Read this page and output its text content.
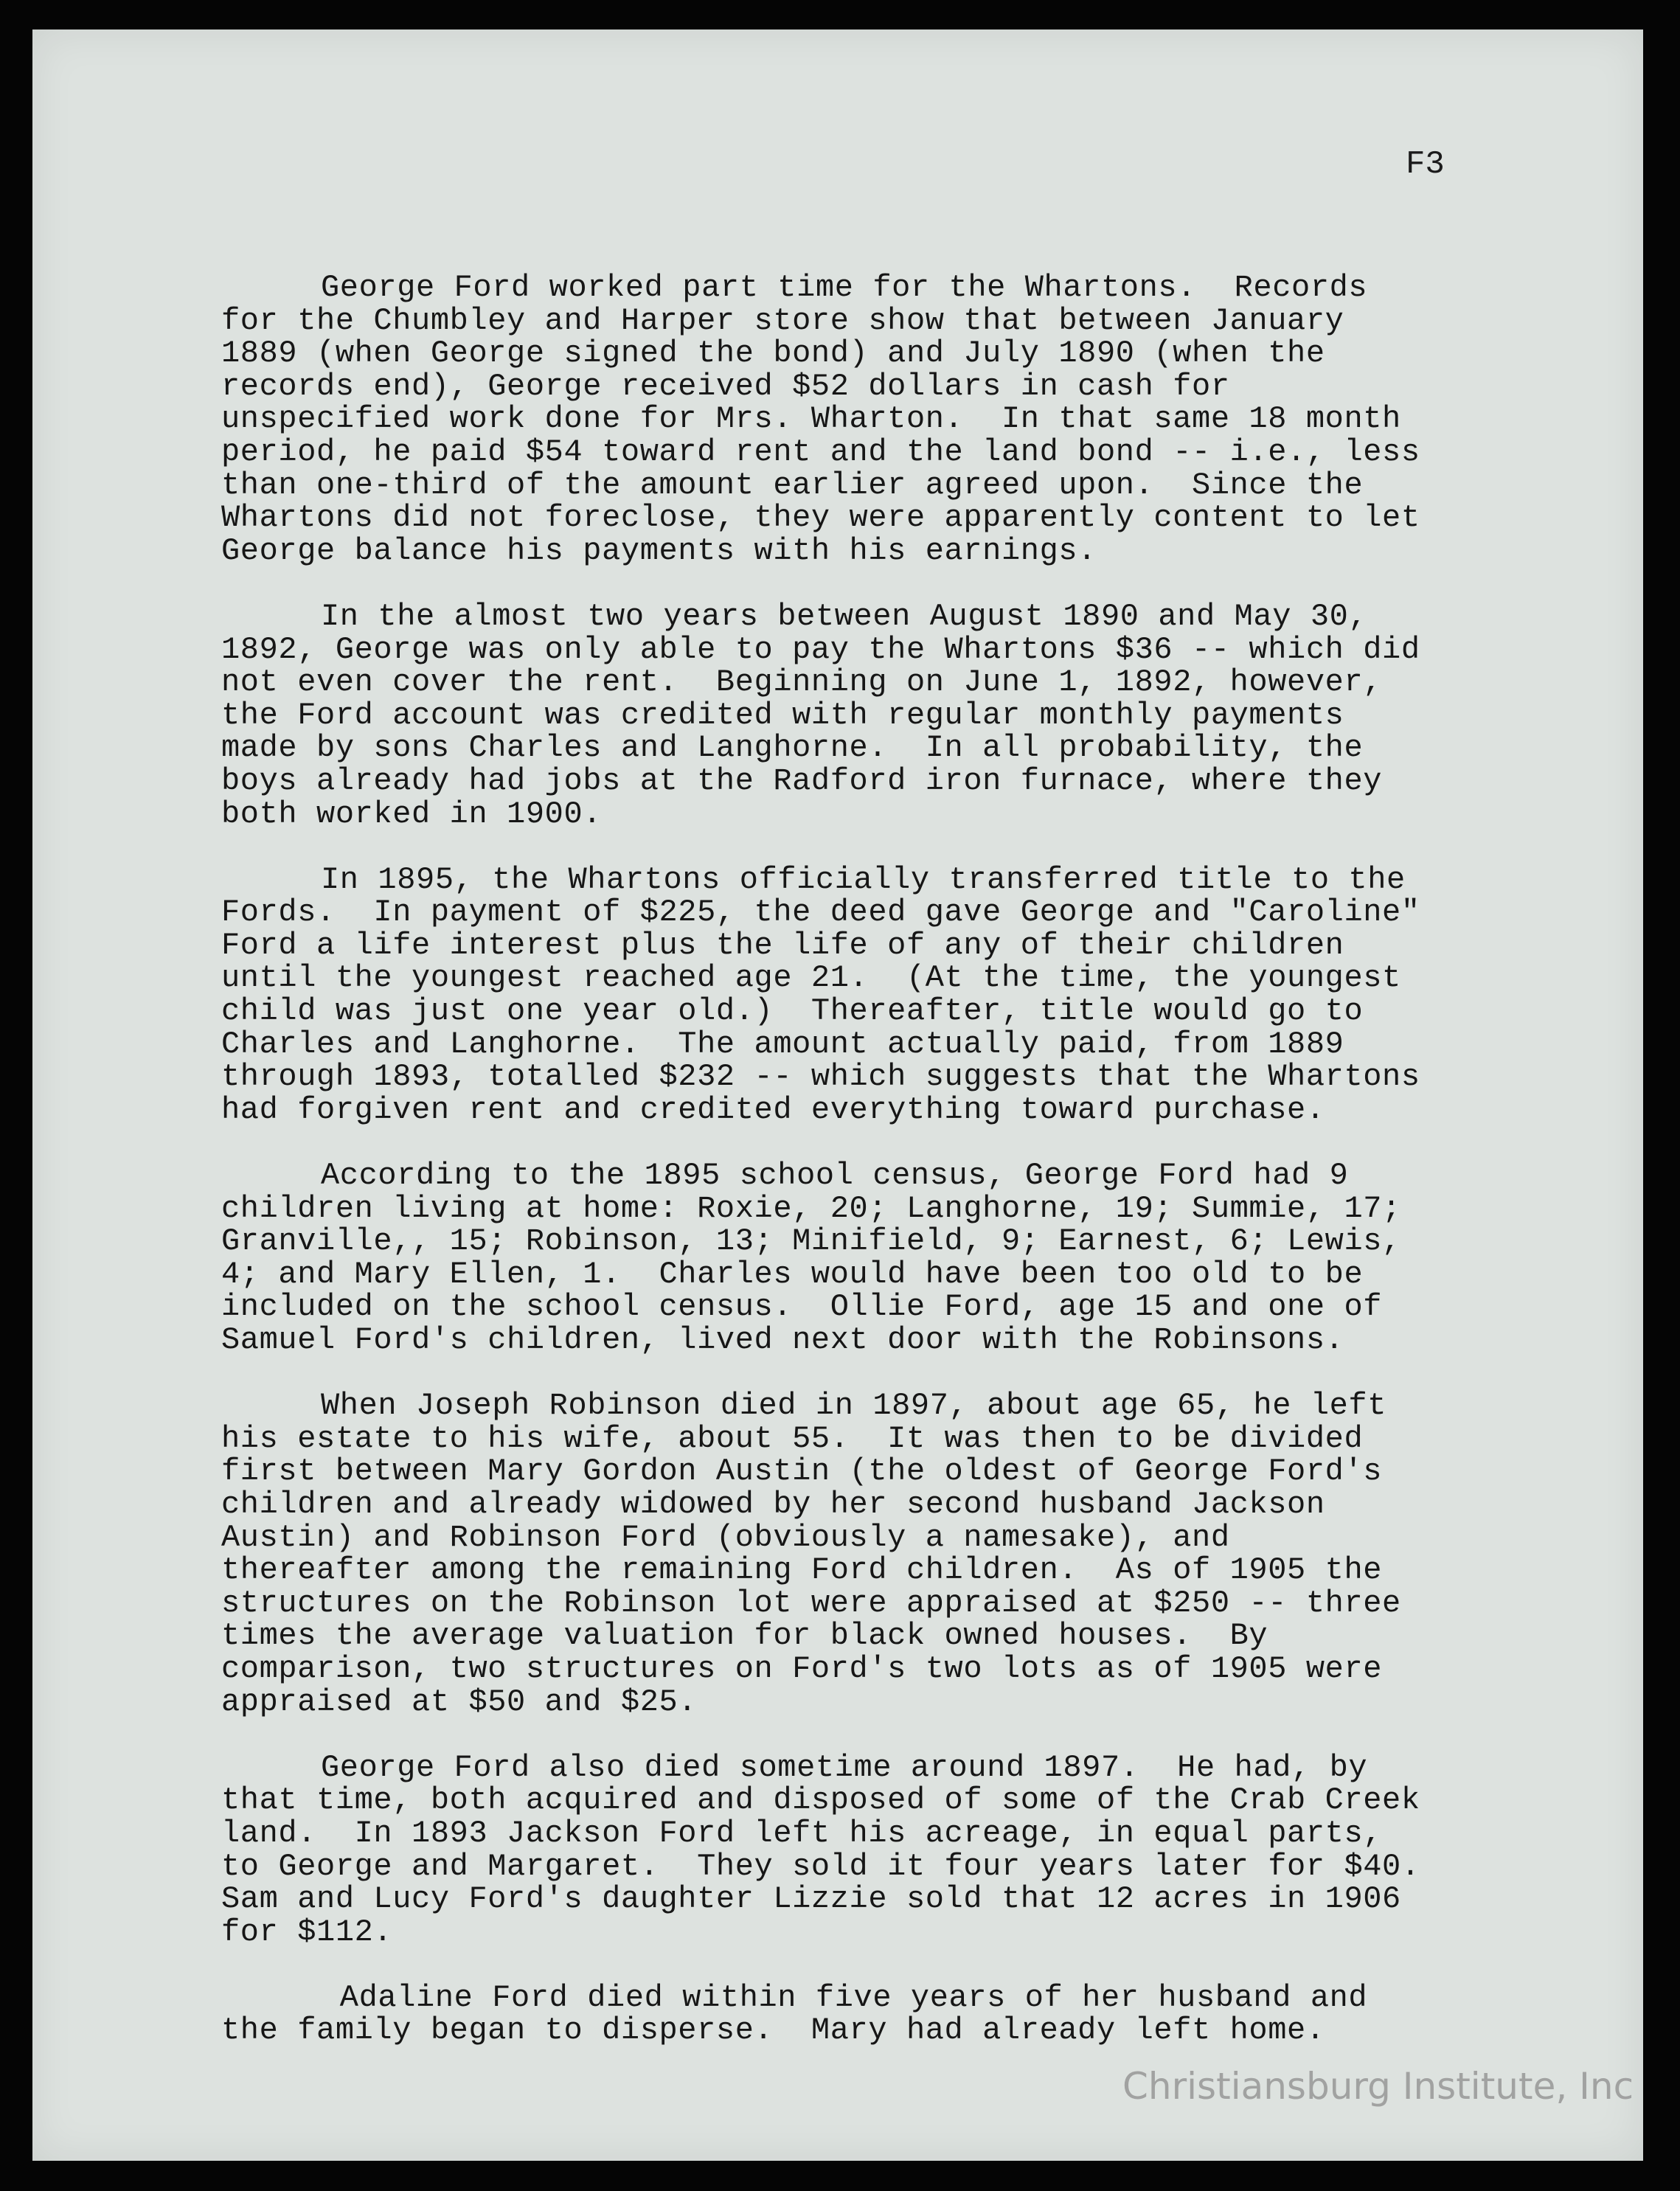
F3
George Ford worked part time for the Whartons.  Records
for the Chumbley and Harper store show that between January
1889 (when George signed the bond) and July 1890 (when the
records end), George received $52 dollars in cash for
unspecified work done for Mrs. Wharton.  In that same 18 month
period, he paid $54 toward rent and the land bond -- i.e., less
than one-third of the amount earlier agreed upon.  Since the
Whartons did not foreclose, they were apparently content to let
George balance his payments with his earnings.
In the almost two years between August 1890 and May 30,
1892, George was only able to pay the Whartons $36 -- which did
not even cover the rent.  Beginning on June 1, 1892, however,
the Ford account was credited with regular monthly payments
made by sons Charles and Langhorne.  In all probability, the
boys already had jobs at the Radford iron furnace, where they
both worked in 1900.
In 1895, the Whartons officially transferred title to the
Fords.  In payment of $225, the deed gave George and "Caroline"
Ford a life interest plus the life of any of their children
until the youngest reached age 21.  (At the time, the youngest
child was just one year old.)  Thereafter, title would go to
Charles and Langhorne.  The amount actually paid, from 1889
through 1893, totalled $232 -- which suggests that the Whartons
had forgiven rent and credited everything toward purchase.
According to the 1895 school census, George Ford had 9
children living at home: Roxie, 20; Langhorne, 19; Summie, 17;
Granville,, 15; Robinson, 13; Minifield, 9; Earnest, 6; Lewis,
4; and Mary Ellen, 1.  Charles would have been too old to be
included on the school census.  Ollie Ford, age 15 and one of
Samuel Ford's children, lived next door with the Robinsons.
When Joseph Robinson died in 1897, about age 65, he left
his estate to his wife, about 55.  It was then to be divided
first between Mary Gordon Austin (the oldest of George Ford's
children and already widowed by her second husband Jackson
Austin) and Robinson Ford (obviously a namesake), and
thereafter among the remaining Ford children.  As of 1905 the
structures on the Robinson lot were appraised at $250 -- three
times the average valuation for black owned houses.  By
comparison, two structures on Ford's two lots as of 1905 were
appraised at $50 and $25.
George Ford also died sometime around 1897.  He had, by
that time, both acquired and disposed of some of the Crab Creek
land.  In 1893 Jackson Ford left his acreage, in equal parts,
to George and Margaret.  They sold it four years later for $40.
Sam and Lucy Ford's daughter Lizzie sold that 12 acres in 1906
for $112.
Adaline Ford died within five years of her husband and
the family began to disperse.  Mary had already left home.
Christiansburg Institute, Inc
